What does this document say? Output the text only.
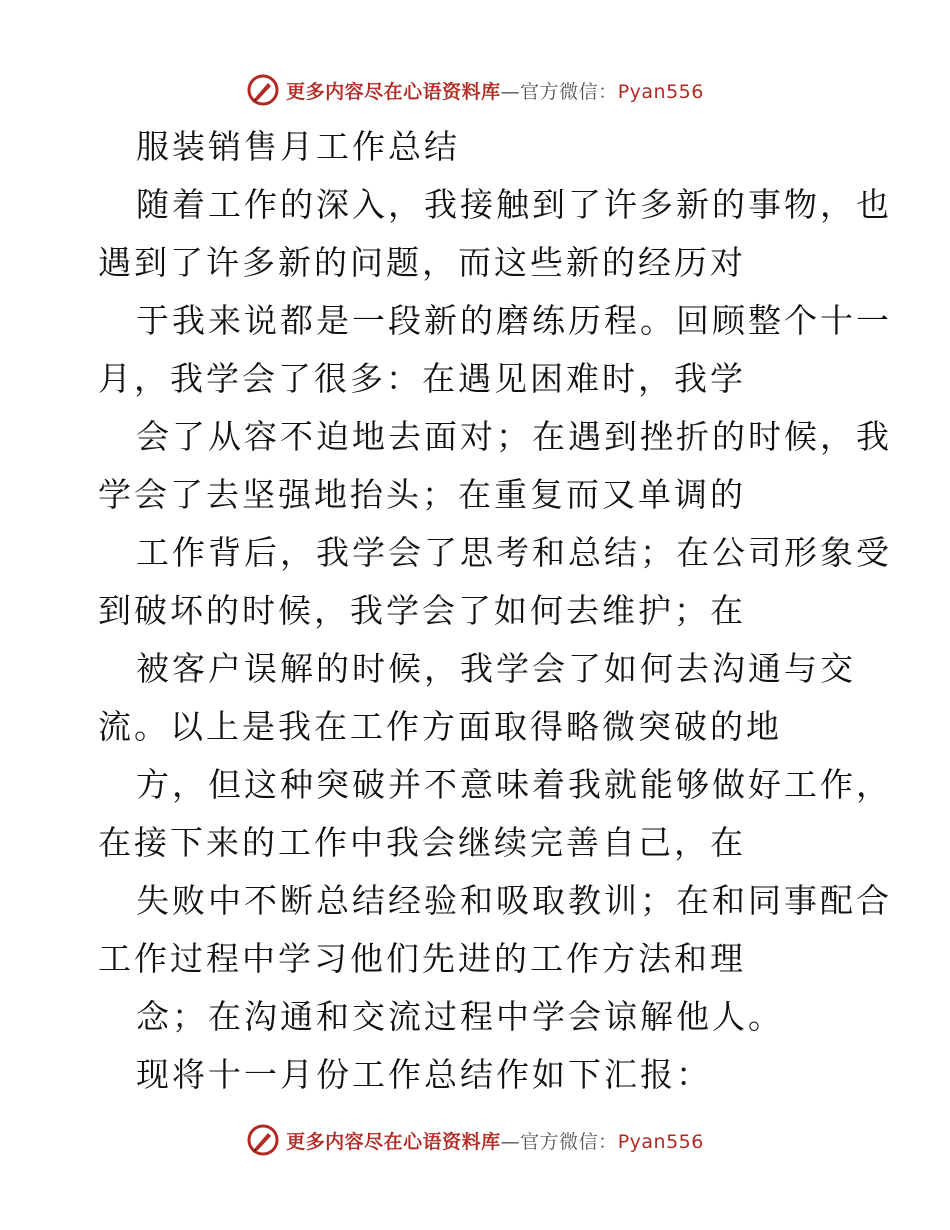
更多内容尽在心语资料库—官方微信：Pyan556
服装销售月工作总结
随着工作的深入，我接触到了许多新的事物，也
遇到了许多新的问题，而这些新的经历对
于我来说都是一段新的磨练历程。回顾整个十一
月，我学会了很多：在遇见困难时，我学
会了从容不迫地去面对；在遇到挫折的时候，我
学会了去坚强地抬头；在重复而又单调的
工作背后，我学会了思考和总结；在公司形象受
到破坏的时候，我学会了如何去维护；在
被客户误解的时候，我学会了如何去沟通与交
流。以上是我在工作方面取得略微突破的地
方，但这种突破并不意味着我就能够做好工作，
在接下来的工作中我会继续完善自己，在
失败中不断总结经验和吸取教训；在和同事配合
工作过程中学习他们先进的工作方法和理
念；在沟通和交流过程中学会谅解他人。
现将十一月份工作总结作如下汇报：
更多内容尽在心语资料库—官方微信：Pyan556
